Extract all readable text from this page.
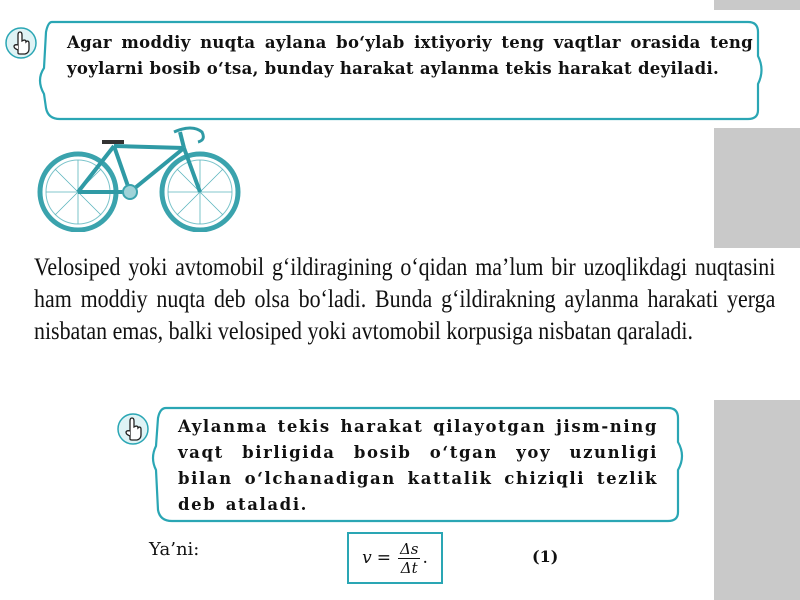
Agar moddiy nuqta aylana bo‘ylab ixtiyoriy teng vaqtlar orasida teng yoylarni bosib o‘tsa, bunday harakat aylanma tekis harakat deyiladi.
Velosiped yoki avtomobil g‘ildiragining o‘qidan ma’lum bir uzoqlikdagi nuqtasini ham moddiy nuqta deb olsa bo‘ladi. Bunda g‘ildirakning aylanma harakati yerga nisbatan emas, balki velosiped yoki avtomobil korpusiga nisbatan qaraladi.
Aylanma tekis harakat qilayotgan jism-ning vaqt birligida bosib o‘tgan yoy uzunligi bilan o‘lchanadigan kattalik chiziqli tezlik deb ataladi.
Ya’ni:	$v = \frac{\Delta s}{\Delta t}$ .	(1)
